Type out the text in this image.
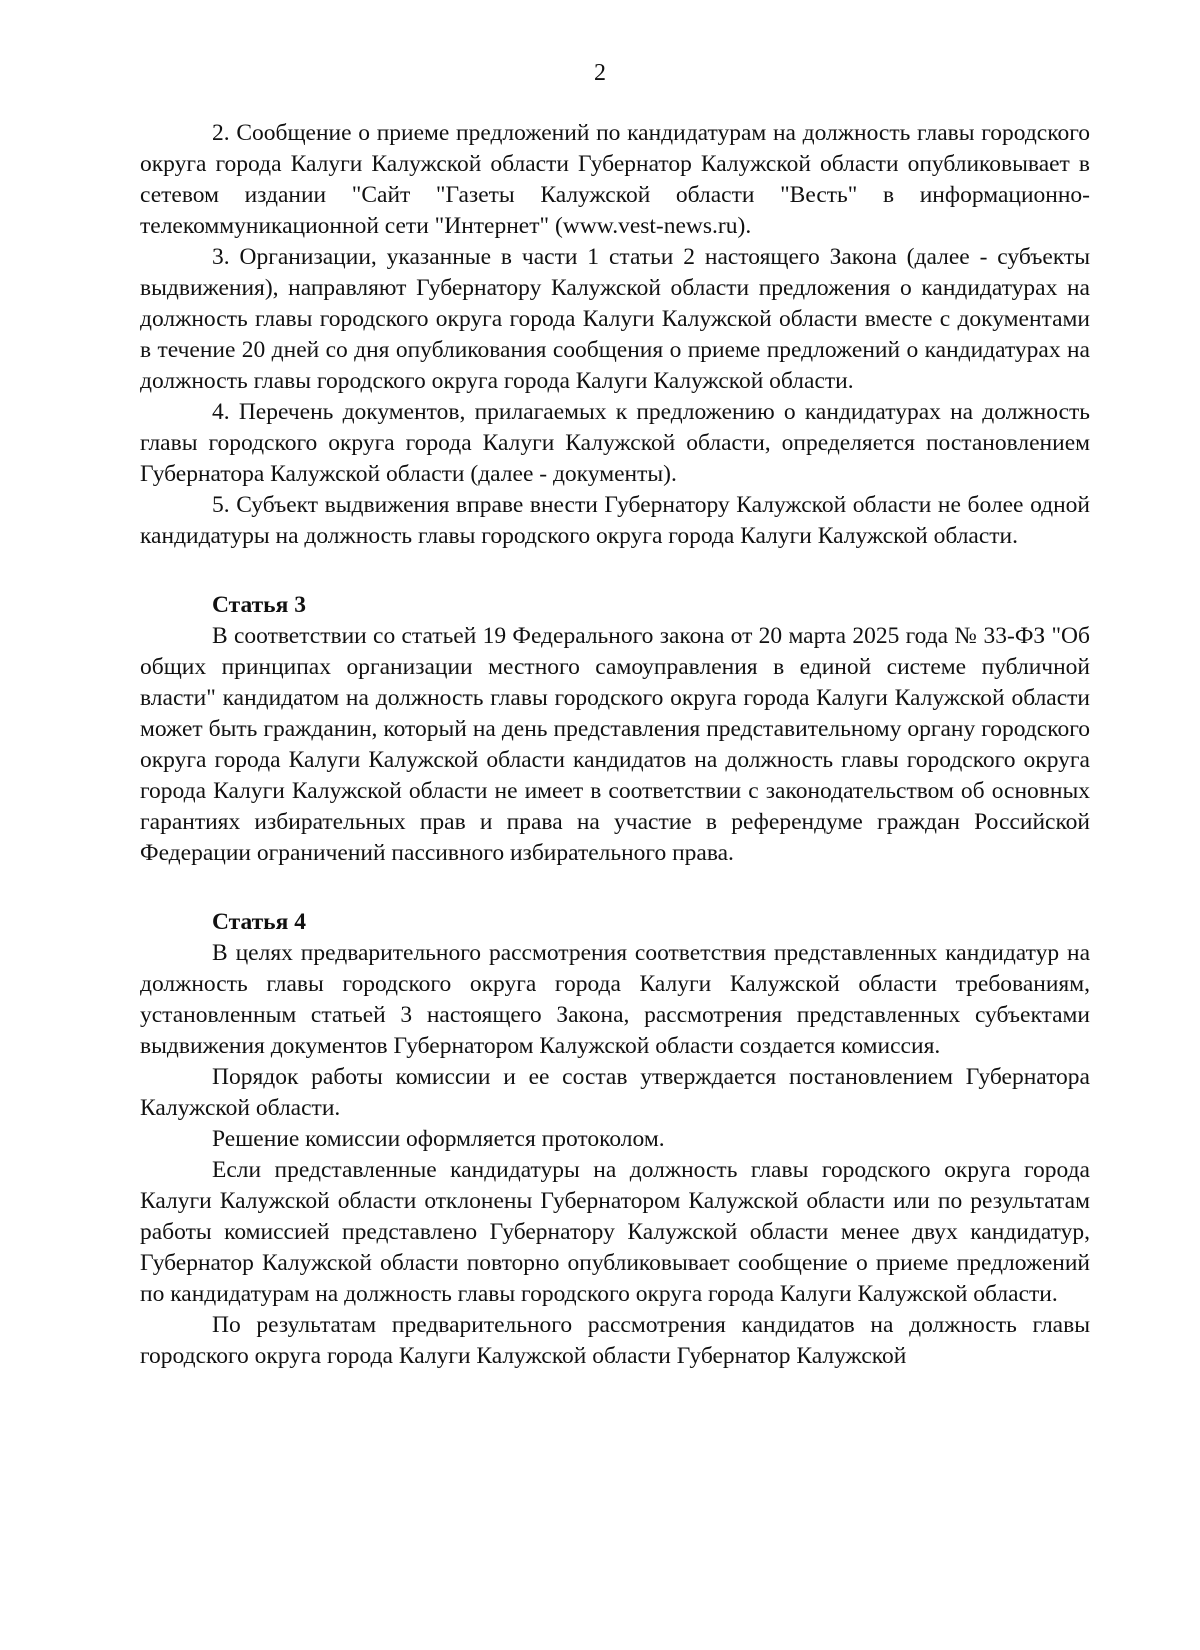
2

2. Сообщение о приеме предложений по кандидатурам на должность главы городского округа города Калуги Калужской области Губернатор Калужской области опубликовывает в сетевом издании "Сайт "Газеты Калужской области "Весть" в информационно-телекоммуникационной сети "Интернет" (www.vest-news.ru).

3. Организации, указанные в части 1 статьи 2 настоящего Закона (далее - субъекты выдвижения), направляют Губернатору Калужской области предложения о кандидатурах на должность главы городского округа города Калуги Калужской области вместе с документами в течение 20 дней со дня опубликования сообщения о приеме предложений о кандидатурах на должность главы городского округа города Калуги Калужской области.

4. Перечень документов, прилагаемых к предложению о кандидатурах на должность главы городского округа города Калуги Калужской области, определяется постановлением Губернатора Калужской области (далее - документы).

5. Субъект выдвижения вправе внести Губернатору Калужской области не более одной кандидатуры на должность главы городского округа города Калуги Калужской области.

Статья 3

В соответствии со статьей 19 Федерального закона от 20 марта 2025 года № 33-ФЗ "Об общих принципах организации местного самоуправления в единой системе публичной власти" кандидатом на должность главы городского округа города Калуги Калужской области может быть гражданин, который на день представления представительному органу городского округа города Калуги Калужской области кандидатов на должность главы городского округа города Калуги Калужской области не имеет в соответствии с законодательством об основных гарантиях избирательных прав и права на участие в референдуме граждан Российской Федерации ограничений пассивного избирательного права.

Статья 4

В целях предварительного рассмотрения соответствия представленных кандидатур на должность главы городского округа города Калуги Калужской области требованиям, установленным статьей 3 настоящего Закона, рассмотрения представленных субъектами выдвижения документов Губернатором Калужской области создается комиссия.

Порядок работы комиссии и ее состав утверждается постановлением Губернатора Калужской области.

Решение комиссии оформляется протоколом.

Если представленные кандидатуры на должность главы городского округа города Калуги Калужской области отклонены Губернатором Калужской области или по результатам работы комиссией представлено Губернатору Калужской области менее двух кандидатур, Губернатор Калужской области повторно опубликовывает сообщение о приеме предложений по кандидатурам на должность главы городского округа города Калуги Калужской области.

По результатам предварительного рассмотрения кандидатов на должность главы городского округа города Калуги Калужской области Губернатор Калужской
